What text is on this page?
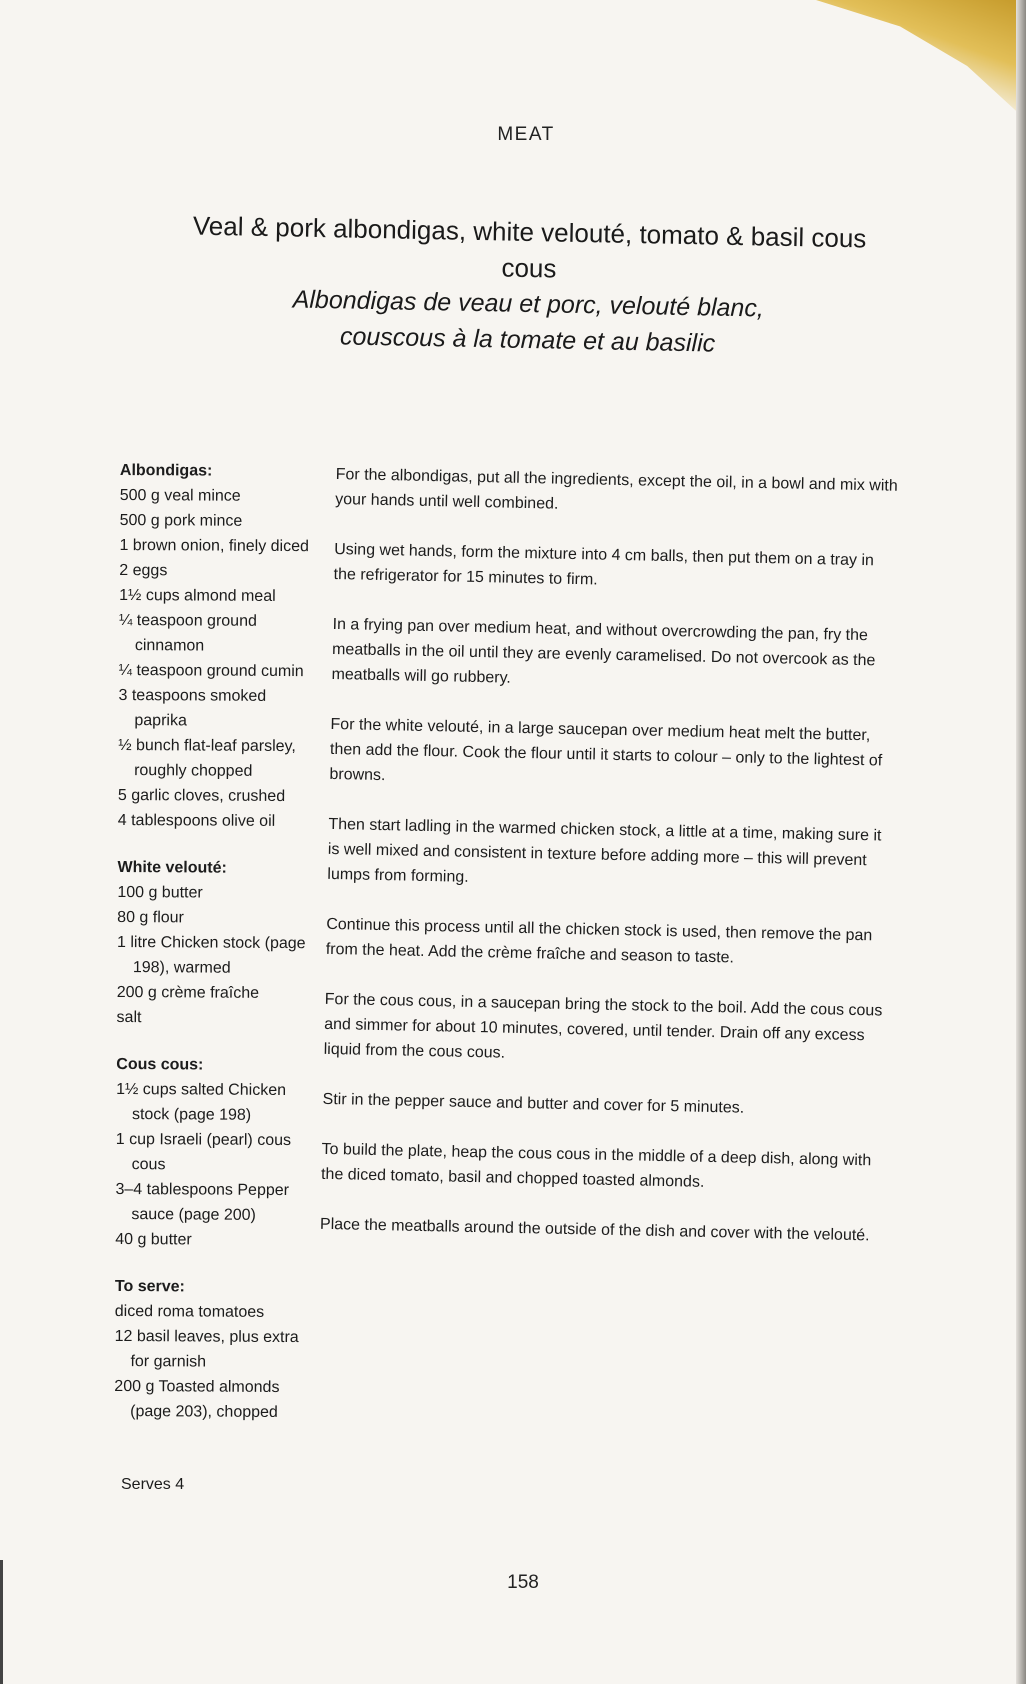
MEAT
Veal & pork albondigas, white velouté, tomato & basil cous cous
Albondigas de veau et porc, velouté blanc,
couscous à la tomate et au basilic

Albondigas:

500 g veal mince
500 g pork mince
1 brown onion, finely diced
2 eggs
1½ cups almond meal
¼ teaspoon ground cinnamon
¼ teaspoon ground cumin
3 teaspoons smoked paprika
½ bunch flat-leaf parsley, roughly chopped
5 garlic cloves, crushed
4 tablespoons olive oil

White velouté:

100 g butter
80 g flour
1 litre Chicken stock (page 198), warmed
200 g crème fraîche
salt

Cous cous:

1½ cups salted Chicken stock (page 198)
1 cup Israeli (pearl) cous cous
3–4 tablespoons Pepper sauce (page 200)
40 g butter

To serve:

diced roma tomatoes
12 basil leaves, plus extra for garnish
200 g Toasted almonds (page 203), chopped
Serves 4

For the albondigas, put all the ingredients, except the oil, in a bowl and mix with your hands until well combined.

Using wet hands, form the mixture into 4 cm balls, then put them on a tray in the refrigerator for 15 minutes to firm.

In a frying pan over medium heat, and without overcrowding the pan, fry the meatballs in the oil until they are evenly caramelised. Do not overcook as the meatballs will go rubbery.

For the white velouté, in a large saucepan over medium heat melt the butter, then add the flour. Cook the flour until it starts to colour – only to the lightest of browns.

Then start ladling in the warmed chicken stock, a little at a time, making sure it is well mixed and consistent in texture before adding more – this will prevent lumps from forming.

Continue this process until all the chicken stock is used, then remove the pan from the heat. Add the crème fraîche and season to taste.

For the cous cous, in a saucepan bring the stock to the boil. Add the cous cous and simmer for about 10 minutes, covered, until tender. Drain off any excess liquid from the cous cous.

Stir in the pepper sauce and butter and cover for 5 minutes.

To build the plate, heap the cous cous in the middle of a deep dish, along with the diced tomato, basil and chopped toasted almonds.

Place the meatballs around the outside of the dish and cover with the velouté.

158
